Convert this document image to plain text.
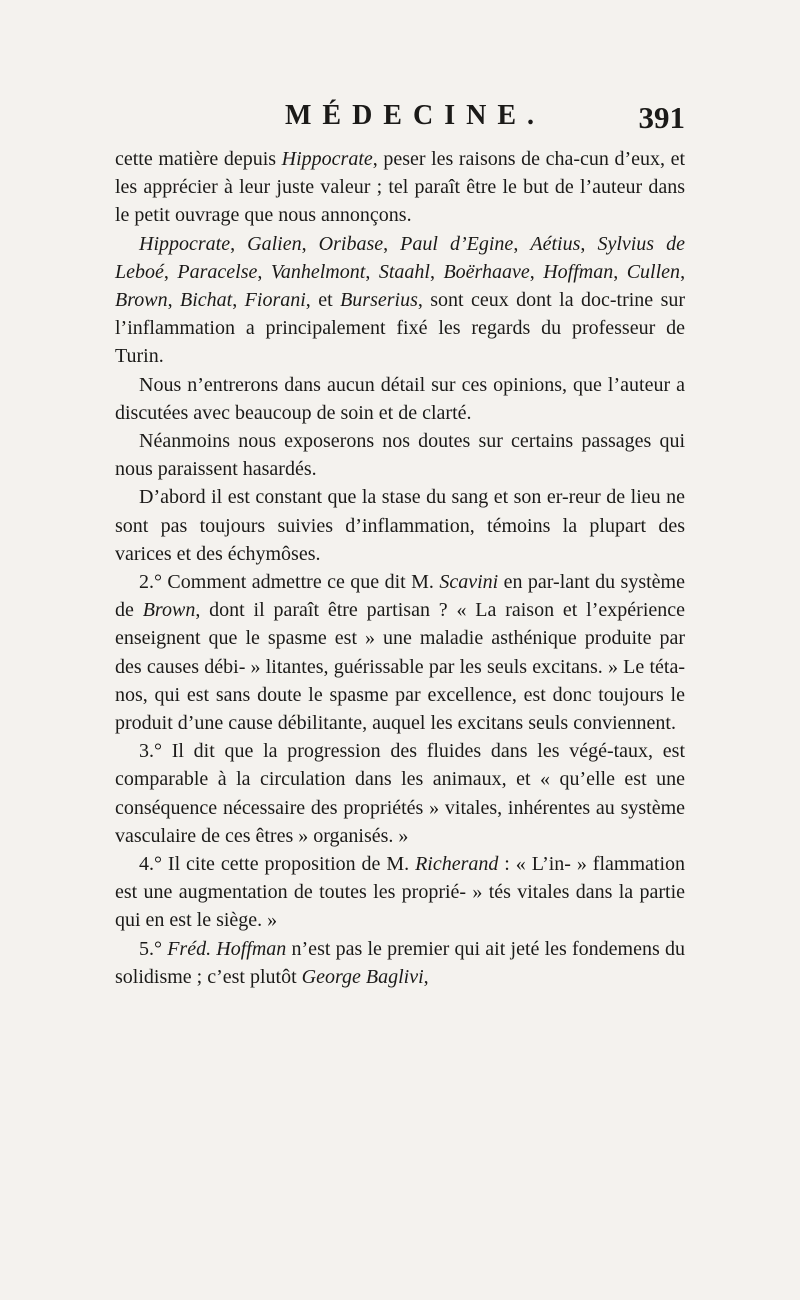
MÉDECINE.	391

cette matière depuis Hippocrate, peser les raisons de cha-cun d’eux, et les apprécier à leur juste valeur ; tel paraît être le but de l’auteur dans le petit ouvrage que nous annonçons.

Hippocrate, Galien, Oribase, Paul d’Egine, Aétius, Sylvius de Leboé, Paracelse, Vanhelmont, Staahl, Boërhaave, Hoffman, Cullen, Brown, Bichat, Fiorani, et Burserius, sont ceux dont la doc-trine sur l’inflammation a principalement fixé les regards du professeur de Turin.

Nous n’entrerons dans aucun détail sur ces opinions, que l’auteur a discutées avec beaucoup de soin et de clarté.

Néanmoins nous exposerons nos doutes sur certains passages qui nous paraissent hasardés.

D’abord il est constant que la stase du sang et son er-reur de lieu ne sont pas toujours suivies d’inflammation, témoins la plupart des varices et des échymôses.

2.° Comment admettre ce que dit M. Scavini en par-lant du système de Brown, dont il paraît être partisan ? « La raison et l’expérience enseignent que le spasme est » une maladie asthénique produite par des causes débi- » litantes, guérissable par les seuls excitans. » Le téta-nos, qui est sans doute le spasme par excellence, est donc toujours le produit d’une cause débilitante, auquel les excitans seuls conviennent.

3.° Il dit que la progression des fluides dans les végé-taux, est comparable à la circulation dans les animaux, et « qu’elle est une conséquence nécessaire des propriétés » vitales, inhérentes au système vasculaire de ces êtres » organisés. »

4.° Il cite cette proposition de M. Richerand : « L’in- » flammation est une augmentation de toutes les proprié- » tés vitales dans la partie qui en est le siège. »

5.° Fréd. Hoffman n’est pas le premier qui ait jeté les fondemens du solidisme ; c’est plutôt George Baglivi,
